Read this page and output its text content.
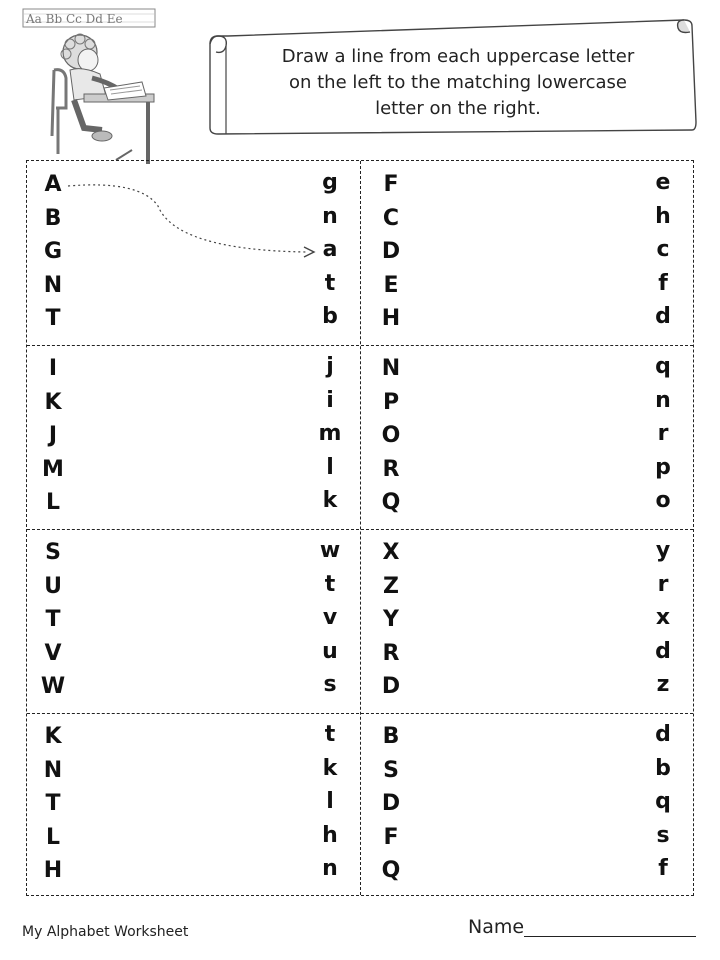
Aa Bb Cc Dd Ee
Draw a line from each uppercase letter
on the left to the matching lowercase
letter on the right.
A
B
G
N
T
g
n
a
t
b
F
C
D
E
H
e
h
c
f
d
I
K
J
M
L
j
i
m
l
k
N
P
O
R
Q
q
n
r
p
o
S
U
T
V
W
w
t
v
u
s
X
Z
Y
R
D
y
r
x
d
z
K
N
T
L
H
t
k
l
h
n
B
S
D
F
Q
d
b
q
s
f
My Alphabet Worksheet	Name
